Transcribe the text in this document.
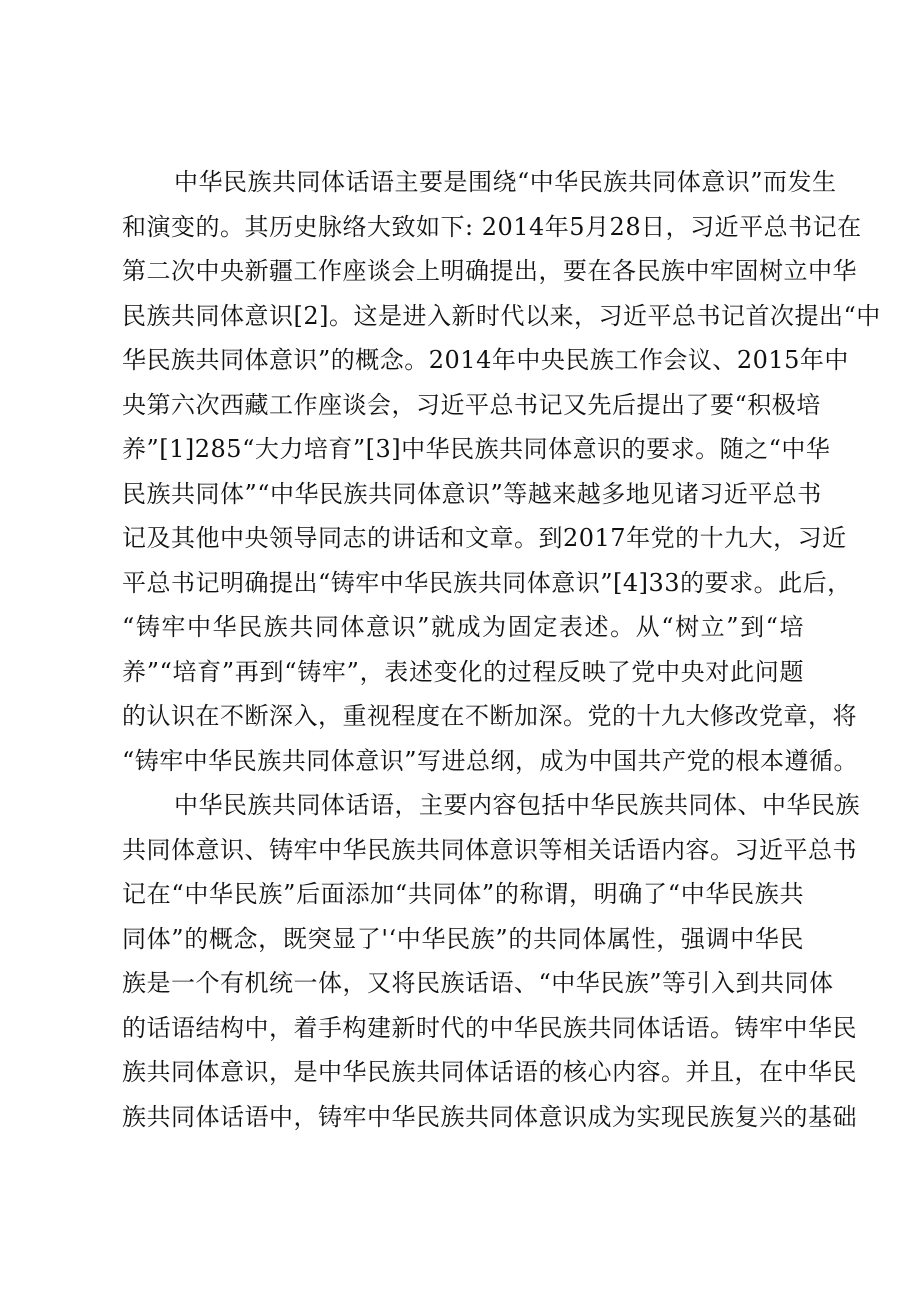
中华民族共同体话语主要是围绕“中华民族共同体意识”而发生
和演变的。其历史脉络大致如下: 2014年5月28日，习近平总书记在
第二次中央新疆工作座谈会上明确提出，要在各民族中牢固树立中华
民族共同体意识[2]。这是进入新时代以来，习近平总书记首次提出“中
华民族共同体意识”的概念。2014年中央民族工作会议、2015年中
央第六次西藏工作座谈会，习近平总书记又先后提出了要“积极培
养”[1]285“大力培育”[3]中华民族共同体意识的要求。随之“中华
民族共同体”“中华民族共同体意识”等越来越多地见诸习近平总书
记及其他中央领导同志的讲话和文章。到2017年党的十九大，习近
平总书记明确提出“铸牢中华民族共同体意识”[4]33的要求。此后，
“铸牢中华民族共同体意识”就成为固定表述。从“树立”到“培
养”“培育”再到“铸牢”，表述变化的过程反映了党中央对此问题
的认识在不断深入，重视程度在不断加深。党的十九大修改党章，将
“铸牢中华民族共同体意识”写进总纲，成为中国共产党的根本遵循。

中华民族共同体话语，主要内容包括中华民族共同体、中华民族
共同体意识、铸牢中华民族共同体意识等相关话语内容。习近平总书
记在“中华民族”后面添加“共同体”的称谓，明确了“中华民族共
同体”的概念，既突显了'‘中华民族”的共同体属性，强调中华民
族是一个有机统一体，又将民族话语、“中华民族”等引入到共同体
的话语结构中，着手构建新时代的中华民族共同体话语。铸牢中华民
族共同体意识，是中华民族共同体话语的核心内容。并且，在中华民
族共同体话语中，铸牢中华民族共同体意识成为实现民族复兴的基础
